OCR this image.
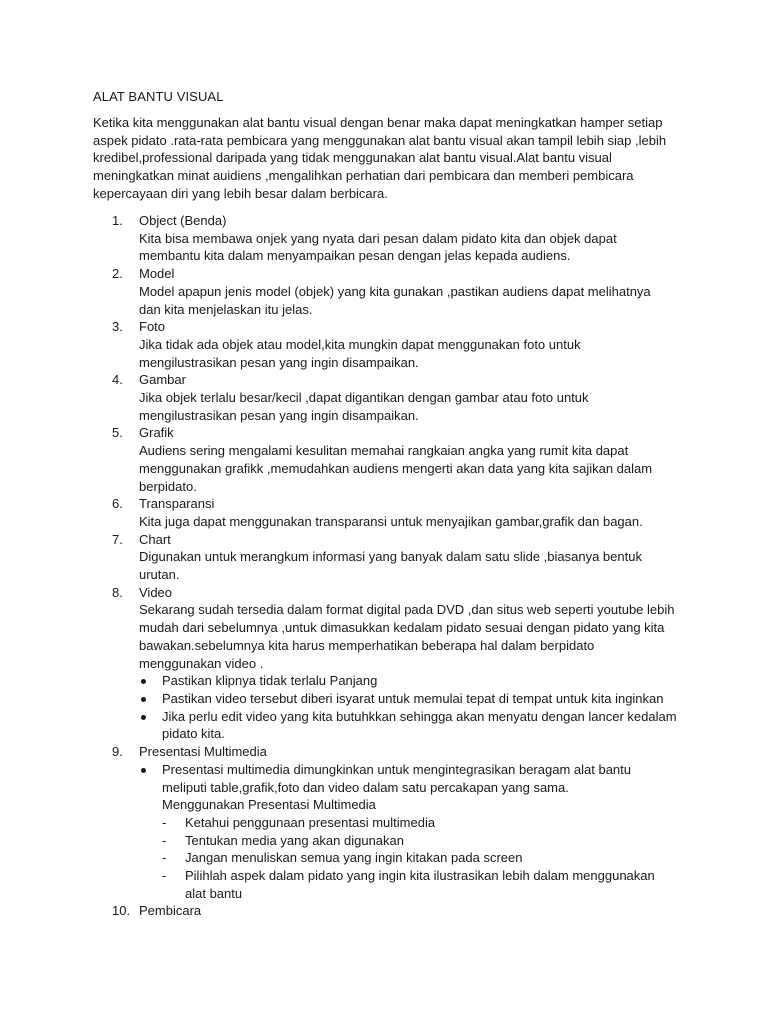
ALAT BANTU VISUAL
Ketika kita menggunakan alat bantu visual dengan benar maka dapat meningkatkan hamper setiap
aspek pidato .rata-rata pembicara yang menggunakan alat bantu visual akan tampil lebih siap ,lebih
kredibel,professional daripada yang tidak menggunakan alat bantu visual.Alat bantu visual
meningkatkan minat auidiens ,mengalihkan perhatian dari pembicara dan memberi pembicara
kepercayaan diri yang lebih besar dalam berbicara.
1.	Object (Benda)
Kita bisa membawa onjek yang nyata dari pesan dalam pidato kita dan objek dapat
membantu kita dalam menyampaikan pesan dengan jelas kepada audiens.
2.	Model
Model apapun jenis model (objek) yang kita gunakan ,pastikan audiens dapat melihatnya
dan kita menjelaskan itu jelas.
3.	Foto
Jika tidak ada objek atau model,kita mungkin dapat menggunakan foto untuk
mengilustrasikan pesan yang ingin disampaikan.
4.	Gambar
Jika objek terlalu besar/kecil ,dapat digantikan dengan gambar atau foto untuk
mengilustrasikan pesan yang ingin disampaikan.
5.	Grafik
Audiens sering mengalami kesulitan memahai rangkaian angka yang rumit kita dapat
menggunakan grafikk ,memudahkan audiens mengerti akan data yang kita sajikan dalam
berpidato.
6.	Transparansi
Kita juga dapat menggunakan transparansi untuk menyajikan gambar,grafik dan bagan.
7.	Chart
Digunakan untuk merangkum informasi yang banyak dalam satu slide ,biasanya bentuk
urutan.
8.	Video
Sekarang sudah tersedia dalam format digital pada DVD ,dan situs web seperti youtube lebih
mudah dari sebelumnya ,untuk dimasukkan kedalam pidato sesuai dengan pidato yang kita
bawakan.sebelumnya kita harus memperhatikan beberapa hal dalam berpidato
menggunakan video .
Pastikan klipnya tidak terlalu Panjang
Pastikan video tersebut diberi isyarat untuk memulai tepat di tempat untuk kita inginkan
Jika perlu edit video yang kita butuhkkan sehingga akan menyatu dengan lancer kedalam
pidato kita.
9.	Presentasi Multimedia
Presentasi multimedia dimungkinkan untuk mengintegrasikan beragam alat bantu
meliputi table,grafik,foto dan video dalam satu percakapan yang sama.
Menggunakan Presentasi Multimedia
- Ketahui penggunaan presentasi multimedia
- Tentukan media yang akan digunakan
- Jangan menuliskan semua yang ingin kitakan pada screen
- Pilihlah aspek dalam pidato yang ingin kita ilustrasikan lebih dalam menggunakan
alat bantu
10. Pembicara
